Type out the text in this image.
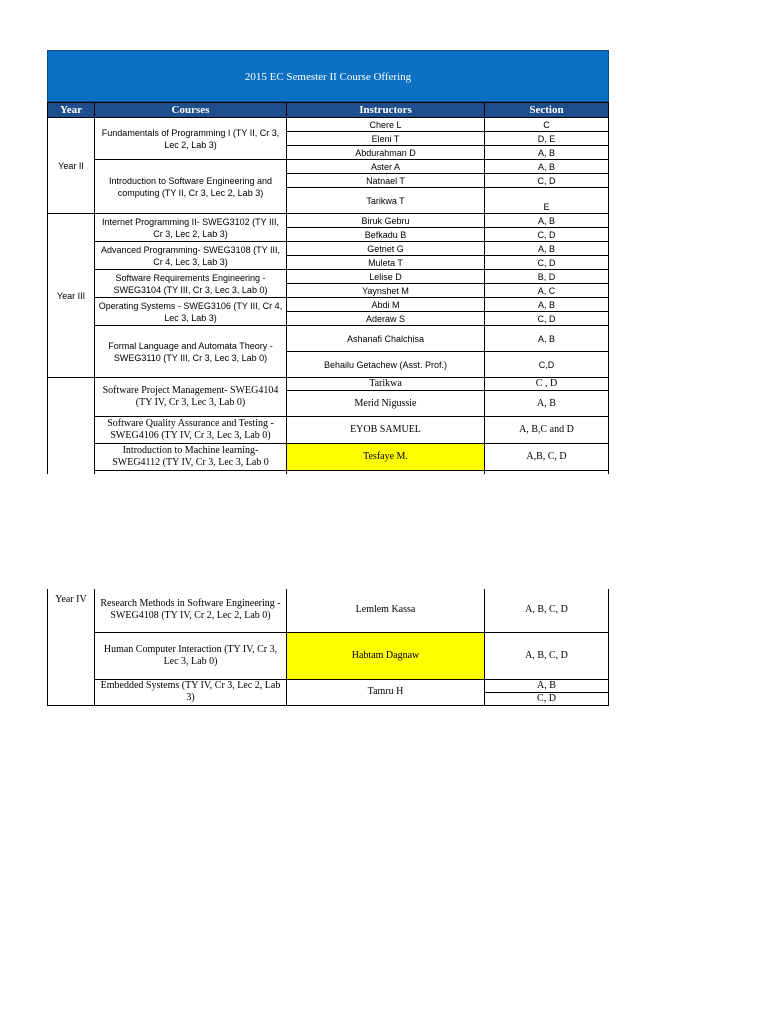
2015 EC Semester II Course Offering
Year	Courses	Instructors	Section
Year II	Fundamentals of Programming I (TY II, Cr 3, Lec 2, Lab 3)	Chere L	C
		Eleni T	D, E
		Abdurahman D	A, B
	Introduction to Software Engineering and computing (TY II, Cr 3, Lec 2, Lab 3)	Aster A	A, B
		Natnael T	C, D
		Tarikwa T	E
Year III	Internet Programming II- SWEG3102 (TY III, Cr 3, Lec 2, Lab 3)	Biruk Gebru	A, B
		Befkadu B	C, D
	Advanced Programming- SWEG3108 (TY III, Cr 4, Lec 3, Lab 3)	Getnet G	A, B
		Muleta T	C, D
	Software Requirements Engineering - SWEG3104 (TY III, Cr 3, Lec 3, Lab 0)	Lelise D	B, D
		Yaynshet M	A, C
	Operating Systems - SWEG3106 (TY III, Cr 4, Lec 3, Lab 3)	Abdi M	A, B
		Aderaw S	C, D
	Formal Language and Automata Theory - SWEG3110 (TY III, Cr 3, Lec 3, Lab 0)	Ashanafi Chalchisa	A, B
		Behailu Getachew (Asst. Prof.)	C,D
	Software Project Management- SWEG4104 (TY IV, Cr 3, Lec 3, Lab 0)	Tarikwa	C , D
		Merid Nigussie	A, B
	Software Quality Assurance and Testing - SWEG4106 (TY IV, Cr 3, Lec 3, Lab 0)	EYOB SAMUEL	A, B,C and D
	Introduction to Machine learning- SWEG4112 (TY IV, Cr 3, Lec 3, Lab 0	Tesfaye M.	A,B, C, D

Year IV	Research Methods in Software Engineering - SWEG4108 (TY IV, Cr 2, Lec 2, Lab 0)	Lemlem Kassa	A, B, C, D
	Human Computer Interaction (TY IV, Cr 3, Lec 3, Lab 0)	Habtam Dagnaw	A, B, C, D
	Embedded Systems (TY IV, Cr 3, Lec 2, Lab 3)	Tamru H	A, B
			C, D
